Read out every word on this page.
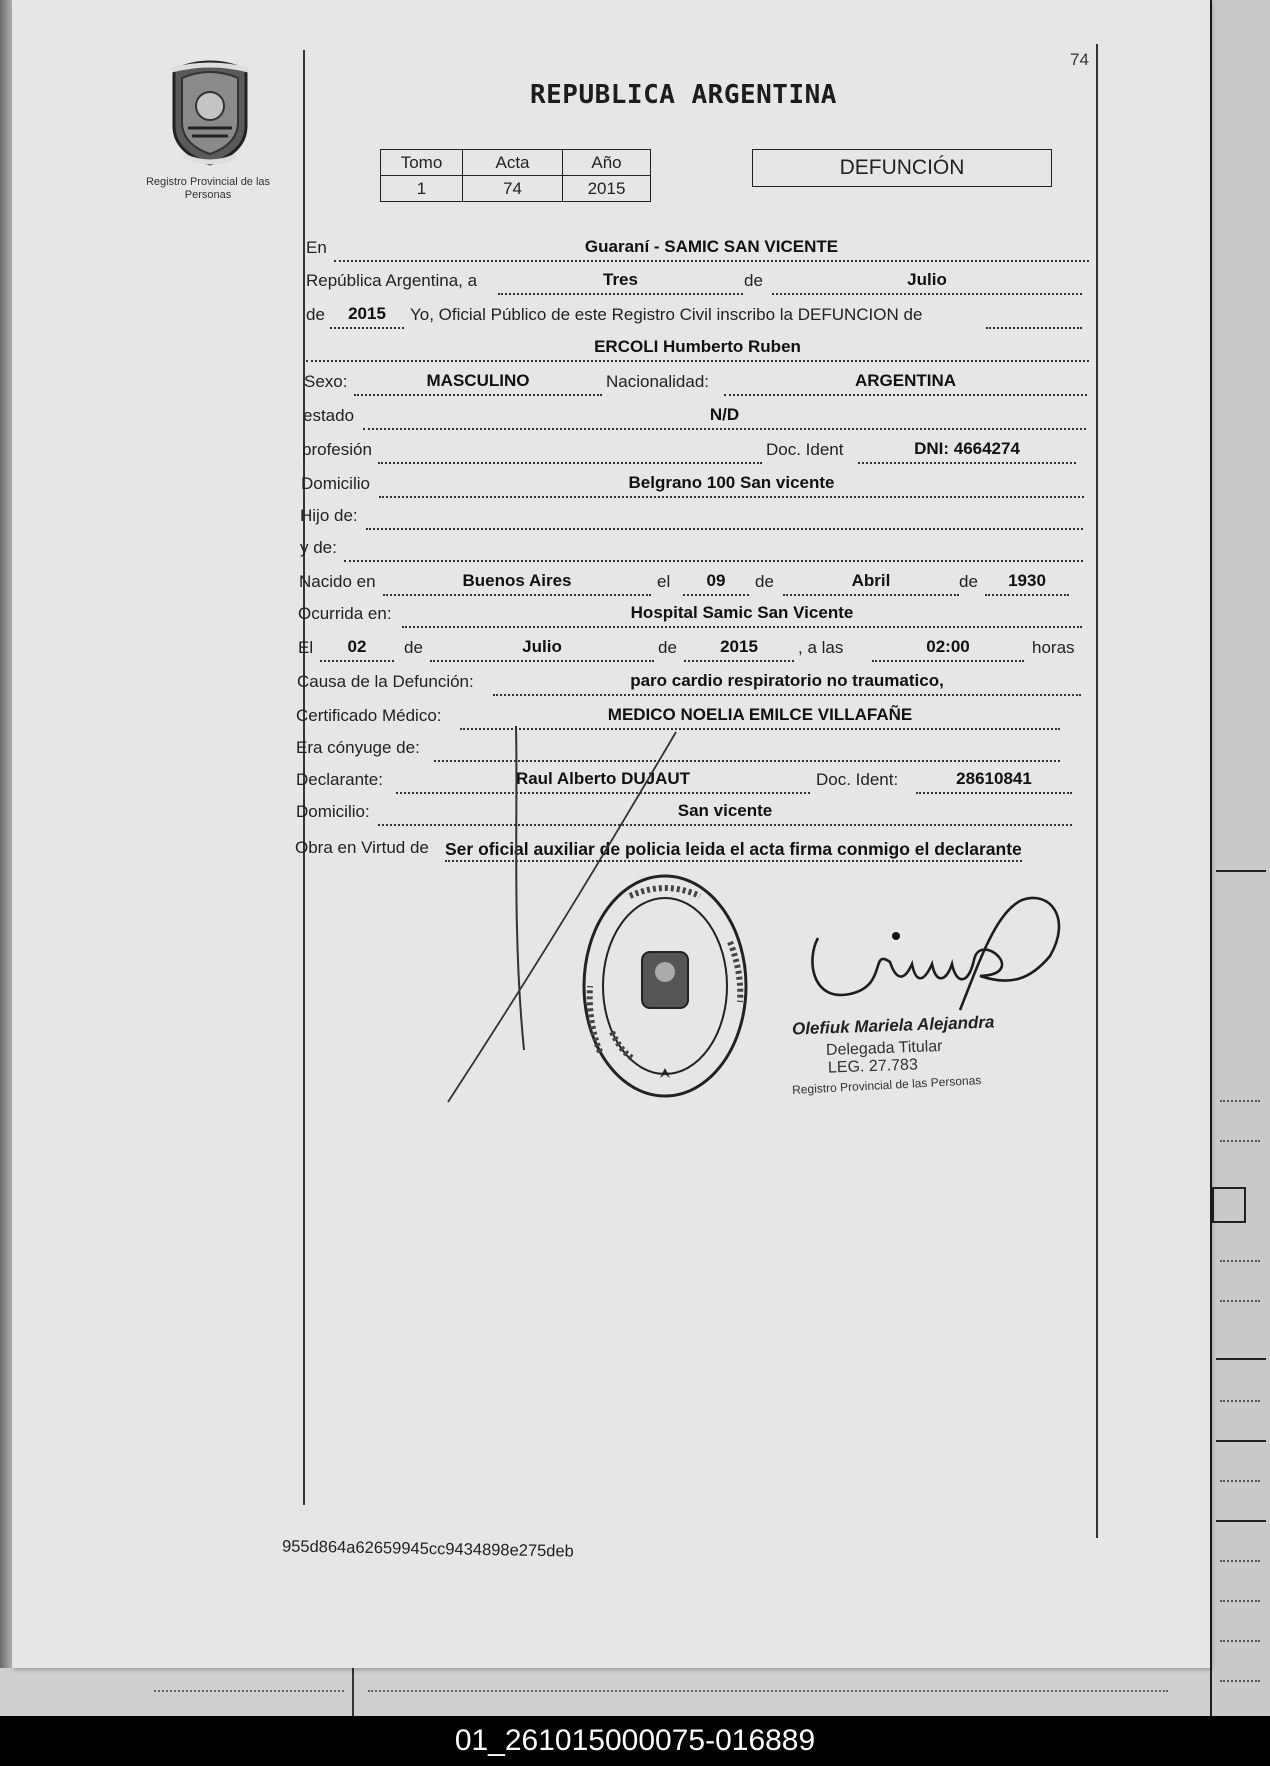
Registro Provincial de las Personas
74
REPUBLICA ARGENTINA
Tomo	Acta	Año
1	74	2015
DEFUNCIÓN
En	Guaraní - SAMIC SAN VICENTE
República Argentina, a	Tres	de	Julio
de	2015	Yo, Oficial Público de este Registro Civil inscribo la DEFUNCION de
ERCOLI Humberto Ruben
Sexo:	MASCULINO	Nacionalidad:	ARGENTINA
estado	N/D
profesión	Doc. Ident	DNI: 4664274
Domicilio	Belgrano 100 San vicente
Hijo de:
y de:
Nacido en	Buenos Aires	el	09	de	Abril	de	1930
Ocurrida en:	Hospital Samic San Vicente
El	02	de	Julio	de	2015	, a las	02:00	horas
Causa de la Defunción:	paro cardio respiratorio no traumatico,
Certificado Médico:	MEDICO NOELIA EMILCE VILLAFAÑE
Era cónyuge de:
Declarante:	Raul Alberto DUJAUT	Doc. Ident:	28610841
Domicilio:	San vicente
Obra en Virtud de Ser oficial auxiliar de policia leida el acta firma conmigo el declarante
Olefiuk Mariela Alejandra
Delegada Titular
LEG. 27.783
Registro Provincial de las Personas
955d864a62659945cc9434898e275deb
01_261015000075-016889
